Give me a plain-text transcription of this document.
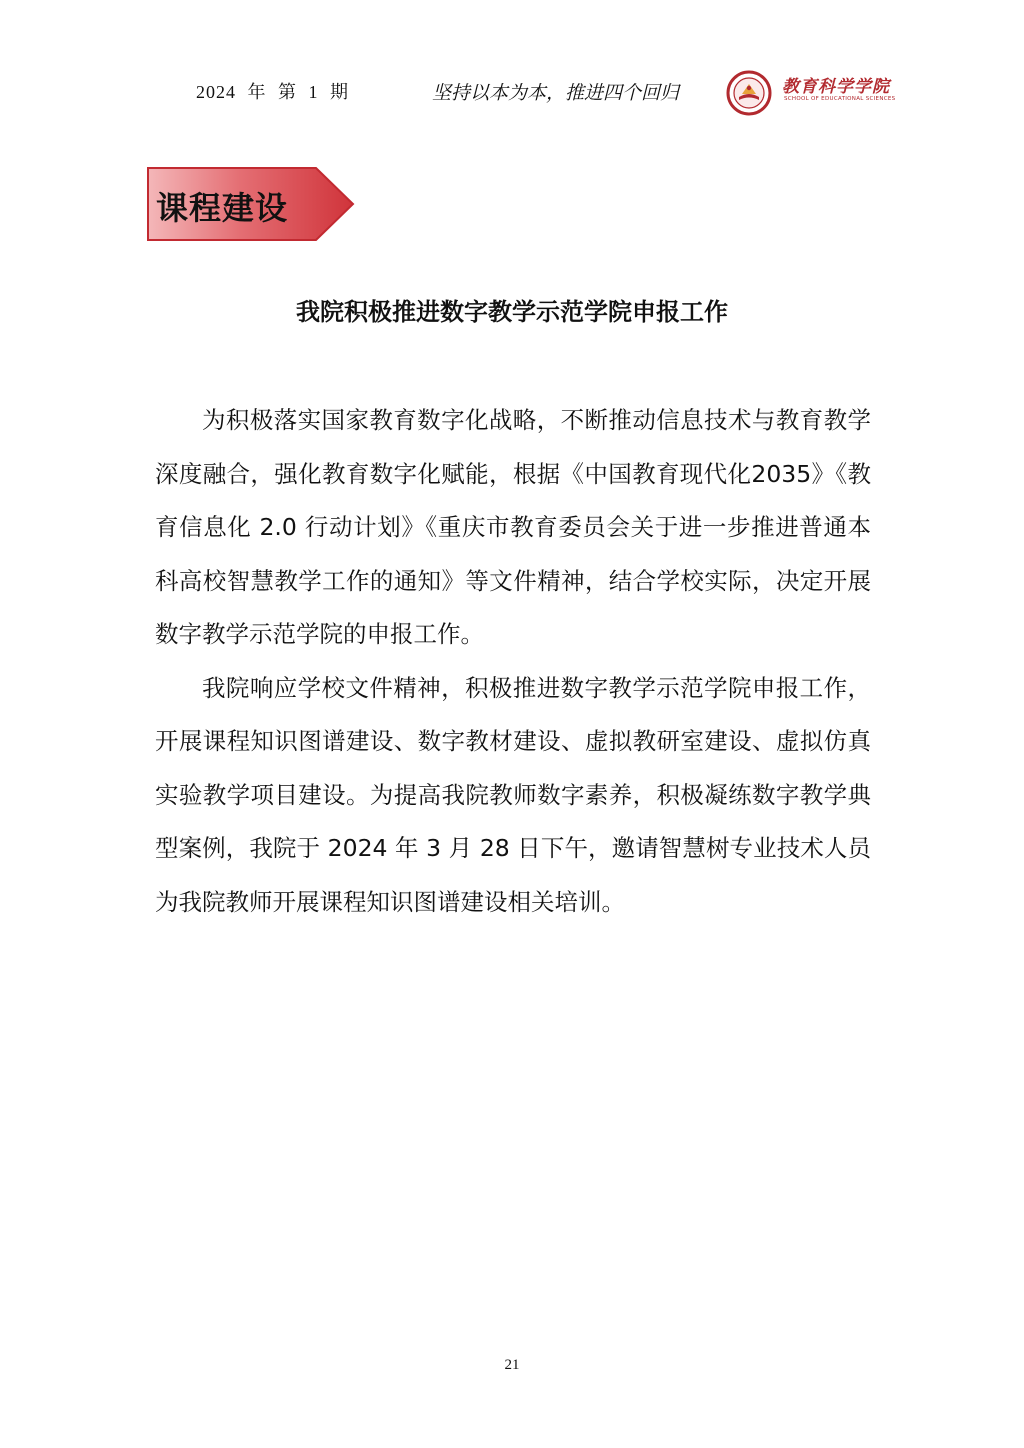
2024 年 第 1 期	坚持以本为本，推进四个回归	教育科学学院
SCHOOL OF EDUCATIONAL SCIENCES
课程建设
我院积极推进数字教学示范学院申报工作

为积极落实国家教育数字化战略，不断推动信息技术与教育教学深度融合，强化教育数字化赋能，根据《中国教育现代化2035》《教育信息化 2.0 行动计划》《重庆市教育委员会关于进一步推进普通本科高校智慧教学工作的通知》等文件精神，结合学校实际，决定开展数字教学示范学院的申报工作。

我院响应学校文件精神，积极推进数字教学示范学院申报工作，开展课程知识图谱建设、数字教材建设、虚拟教研室建设、虚拟仿真实验教学项目建设。为提高我院教师数字素养，积极凝练数字教学典型案例，我院于 2024 年 3 月 28 日下午，邀请智慧树专业技术人员为我院教师开展课程知识图谱建设相关培训。

21
